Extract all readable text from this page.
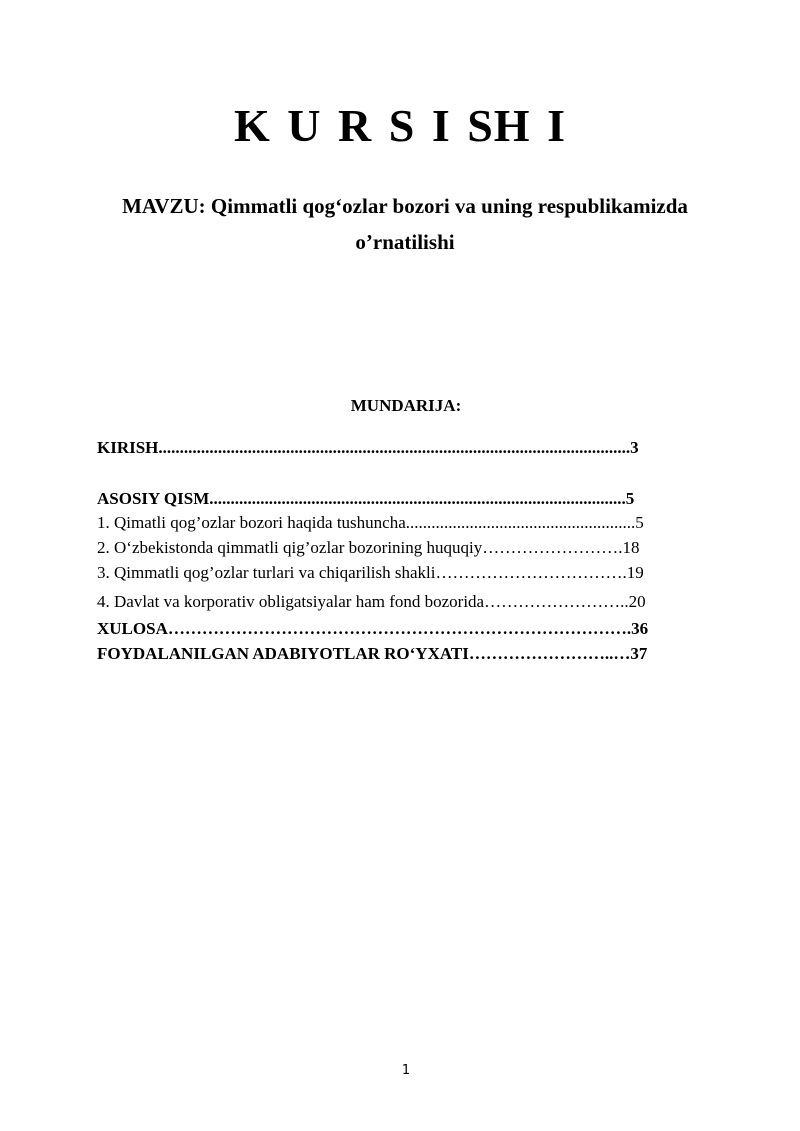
K U R S I SH I
MAVZU: Qimmatli qog‘ozlar bozori va uning respublikamizda
o’rnatilishi
MUNDARIJA:
KIRISH...............................................................................................................3
ASOSIY QISM..................................................................................................5
1. Qimatli qog’ozlar bozori haqida tushuncha......................................................5
2. O‘zbekistonda qimmatli qig’ozlar bozorining huquqiy…………………….18
3. Qimmatli qog’ozlar turlari va chiqarilish shakli…………………………….19
4. Davlat va korporativ obligatsiyalar ham fond bozorida……………………..20
XULOSA……………………………………………………………………….36
FOYDALANILGAN ADABIYOTLAR RO‘YXATI……………………..…37
1
